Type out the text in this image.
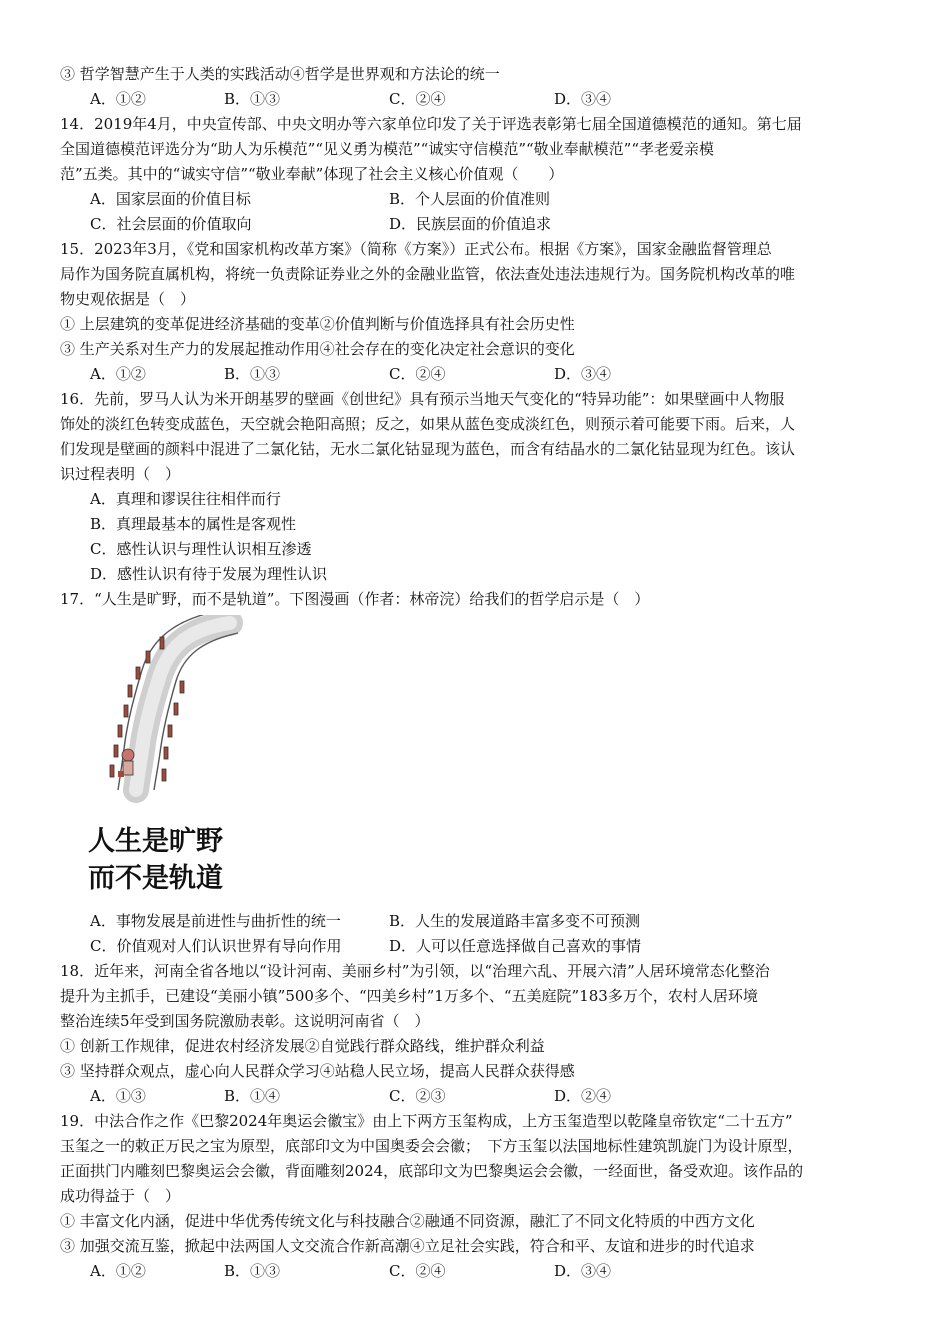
③ 哲学智慧产生于人类的实践活动④哲学是世界观和方法论的统一
A．①②	B．①③	C．②④	D．③④
14．2019年4月，中央宣传部、中央文明办等六家单位印发了关于评选表彰第七届全国道德模范的通知。第七届
全国道德模范评选分为“助人为乐模范”“见义勇为模范”“诚实守信模范”“敬业奉献模范”“孝老爱亲模
范”五类。其中的“诚实守信”“敬业奉献”体现了社会主义核心价值观（　　）
A．国家层面的价值目标	B．个人层面的价值准则
C．社会层面的价值取向	D．民族层面的价值追求
15．2023年3月，《党和国家机构改革方案》（简称《方案》）正式公布。根据《方案》，国家金融监督管理总
局作为国务院直属机构，将统一负责除证券业之外的金融业监管，依法查处违法违规行为。国务院机构改革的唯
物史观依据是（　）
① 上层建筑的变革促进经济基础的变革②价值判断与价值选择具有社会历史性
③ 生产关系对生产力的发展起推动作用④社会存在的变化决定社会意识的变化
A．①②	B．①③	C．②④	D．③④
16．先前，罗马人认为米开朗基罗的壁画《创世纪》具有预示当地天气变化的“特异功能”：如果壁画中人物服
饰处的淡红色转变成蓝色，天空就会艳阳高照；反之，如果从蓝色变成淡红色，则预示着可能要下雨。后来，人
们发现是壁画的颜料中混进了二氯化钴，无水二氯化钴显现为蓝色，而含有结晶水的二氯化钴显现为红色。该认
识过程表明（　）
A．真理和谬误往往相伴而行
B．真理最基本的属性是客观性
C．感性认识与理性认识相互渗透
D．感性认识有待于发展为理性认识
17．“人生是旷野，而不是轨道”。下图漫画（作者：林帝浣）给我们的哲学启示是（　）
人生是旷野
而不是轨道
A．事物发展是前进性与曲折性的统一	B．人生的发展道路丰富多变不可预测
C．价值观对人们认识世界有导向作用	D．人可以任意选择做自己喜欢的事情
18．近年来，河南全省各地以“设计河南、美丽乡村”为引领，以“治理六乱、开展六清”人居环境常态化整治
提升为主抓手，已建设“美丽小镇”500多个、“四美乡村”1万多个、“五美庭院”183多万个，农村人居环境
整治连续5年受到国务院激励表彰。这说明河南省（　）
① 创新工作规律，促进农村经济发展②自觉践行群众路线，维护群众利益
③ 坚持群众观点，虚心向人民群众学习④站稳人民立场，提高人民群众获得感
A．①③	B．①④	C．②③	D．②④
19．中法合作之作《巴黎2024年奥运会徽宝》由上下两方玉玺构成，上方玉玺造型以乾隆皇帝钦定“二十五方”
玉玺之一的敕正万民之宝为原型，底部印文为中国奥委会会徽；　下方玉玺以法国地标性建筑凯旋门为设计原型，
正面拱门内雕刻巴黎奥运会会徽，背面雕刻2024，底部印文为巴黎奥运会会徽，一经面世，备受欢迎。该作品的
成功得益于（　）
① 丰富文化内涵，促进中华优秀传统文化与科技融合②融通不同资源，融汇了不同文化特质的中西方文化
③ 加强交流互鉴，掀起中法两国人文交流合作新高潮④立足社会实践，符合和平、友谊和进步的时代追求
A．①②	B．①③	C．②④	D．③④
